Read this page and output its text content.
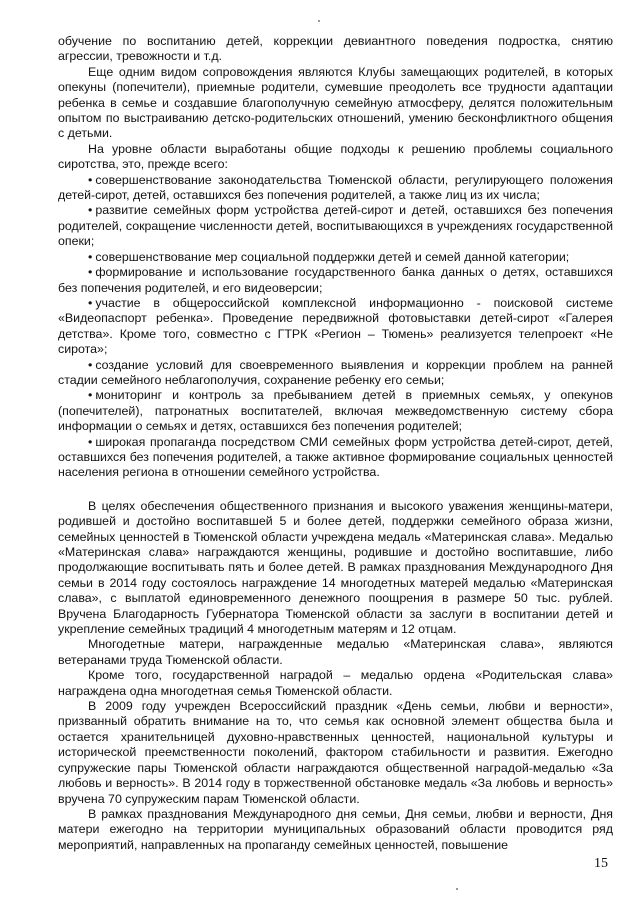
обучение по воспитанию детей, коррекции девиантного поведения подростка, снятию агрессии, тревожности и т.д.

Еще одним видом сопровождения являются Клубы замещающих родителей, в которых опекуны (попечители), приемные родители, сумевшие преодолеть все трудности адаптации ребенка в семье и создавшие благополучную семейную атмосферу, делятся положительным опытом по выстраиванию детско-родительских отношений, умению бесконфликтного общения с детьми.

На уровне области выработаны общие подходы к решению проблемы социального сиротства, это, прежде всего:

• совершенствование законодательства Тюменской области, регулирующего положения детей-сирот, детей, оставшихся без попечения родителей, а также лиц из их числа;

• развитие семейных форм устройства детей-сирот и детей, оставшихся без попечения родителей, сокращение численности детей, воспитывающихся в учреждениях государственной опеки;

• совершенствование мер социальной поддержки детей и семей данной категории;

• формирование и использование государственного банка данных о детях, оставшихся без попечения родителей, и его видеоверсии;

• участие в общероссийской комплексной информационно - поисковой системе «Видеопаспорт ребенка». Проведение передвижной фотовыставки детей-сирот «Галерея детства». Кроме того, совместно с ГТРК «Регион – Тюмень» реализуется телепроект «Не сирота»;

• создание условий для своевременного выявления и коррекции проблем на ранней стадии семейного неблагополучия, сохранение ребенку его семьи;

• мониторинг и контроль за пребыванием детей в приемных семьях, у опекунов (попечителей), патронатных воспитателей, включая межведомственную систему сбора информации о семьях и детях, оставшихся без попечения родителей;

• широкая пропаганда посредством СМИ семейных форм устройства детей-сирот, детей, оставшихся без попечения родителей, а также активное формирование социальных ценностей населения региона в отношении семейного устройства.

В целях обеспечения общественного признания и высокого уважения женщины-матери, родившей и достойно воспитавшей 5 и более детей, поддержки семейного образа жизни, семейных ценностей в Тюменской области учреждена медаль «Материнская слава». Медалью «Материнская слава» награждаются женщины, родившие и достойно воспитавшие, либо продолжающие воспитывать пять и более детей. В рамках празднования Международного Дня семьи в 2014 году состоялось награждение 14 многодетных матерей медалью «Материнская слава», с выплатой единовременного денежного поощрения в размере 50 тыс. рублей. Вручена Благодарность Губернатора Тюменской области за заслуги в воспитании детей и укрепление семейных традиций 4 многодетным матерям и 12 отцам.

Многодетные матери, награжденные медалью «Материнская слава», являются ветеранами труда Тюменской области.

Кроме того, государственной наградой – медалью ордена «Родительская слава» награждена одна многодетная семья Тюменской области.

В 2009 году учрежден Всероссийский праздник «День семьи, любви и верности», призванный обратить внимание на то, что семья как основной элемент общества была и остается хранительницей духовно-нравственных ценностей, национальной культуры и исторической преемственности поколений, фактором стабильности и развития. Ежегодно супружеские пары Тюменской области награждаются общественной наградой-медалью «За любовь и верность». В 2014 году в торжественной обстановке медаль «За любовь и верность» вручена 70 супружеским парам Тюменской области.

В рамках празднования Международного дня семьи, Дня семьи, любви и верности, Дня матери ежегодно на территории муниципальных образований области проводится ряд мероприятий, направленных на пропаганду семейных ценностей, повышение

15
